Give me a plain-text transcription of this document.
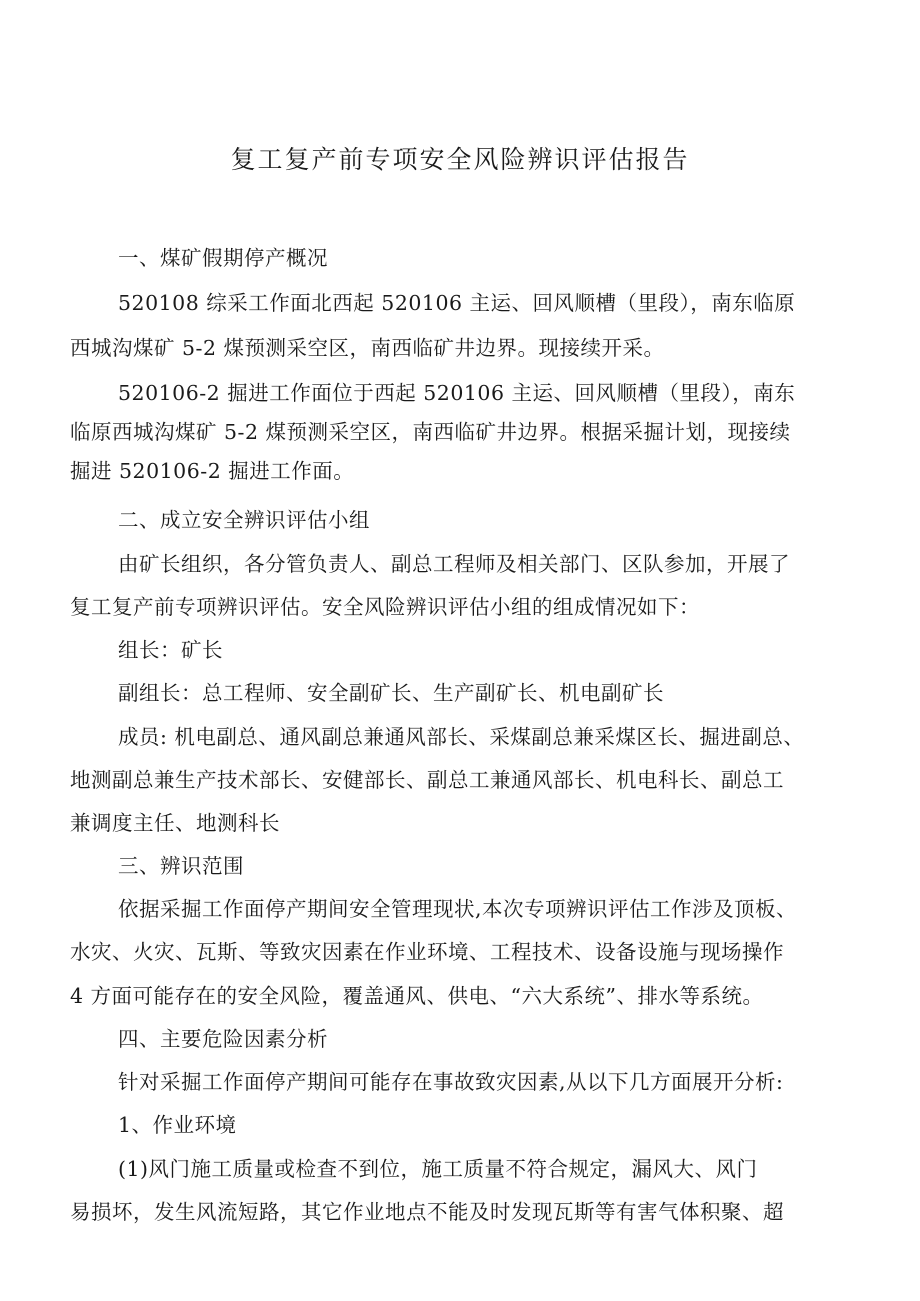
复工复产前专项安全风险辨识评估报告
一、煤矿假期停产概况
520108 综采工作面北西起 520106 主运、回风顺槽（里段），南东临原
西城沟煤矿 5-2 煤预测采空区，南西临矿井边界。现接续开采。
520106-2 掘进工作面位于西起 520106 主运、回风顺槽（里段），南东
临原西城沟煤矿 5-2 煤预测采空区，南西临矿井边界。根据采掘计划，现接续
掘进 520106-2 掘进工作面。
二、成立安全辨识评估小组
由矿长组织，各分管负责人、副总工程师及相关部门、区队参加，开展了
复工复产前专项辨识评估。安全风险辨识评估小组的组成情况如下：
组长：矿长
副组长：总工程师、安全副矿长、生产副矿长、机电副矿长
成员: 机电副总、通风副总兼通风部长、采煤副总兼采煤区长、掘进副总、
地测副总兼生产技术部长、安健部长、副总工兼通风部长、机电科长、副总工
兼调度主任、地测科长
三、辨识范围
依据采掘工作面停产期间安全管理现状,本次专项辨识评估工作涉及顶板、
水灾、火灾、瓦斯、等致灾因素在作业环境、工程技术、设备设施与现场操作
4 方面可能存在的安全风险，覆盖通风、供电、“六大系统”、排水等系统。
四、主要危险因素分析
针对采掘工作面停产期间可能存在事故致灾因素,从以下几方面展开分析:
1、作业环境
(1)风门施工质量或检查不到位，施工质量不符合规定，漏风大、风门
易损坏，发生风流短路，其它作业地点不能及时发现瓦斯等有害气体积聚、超
